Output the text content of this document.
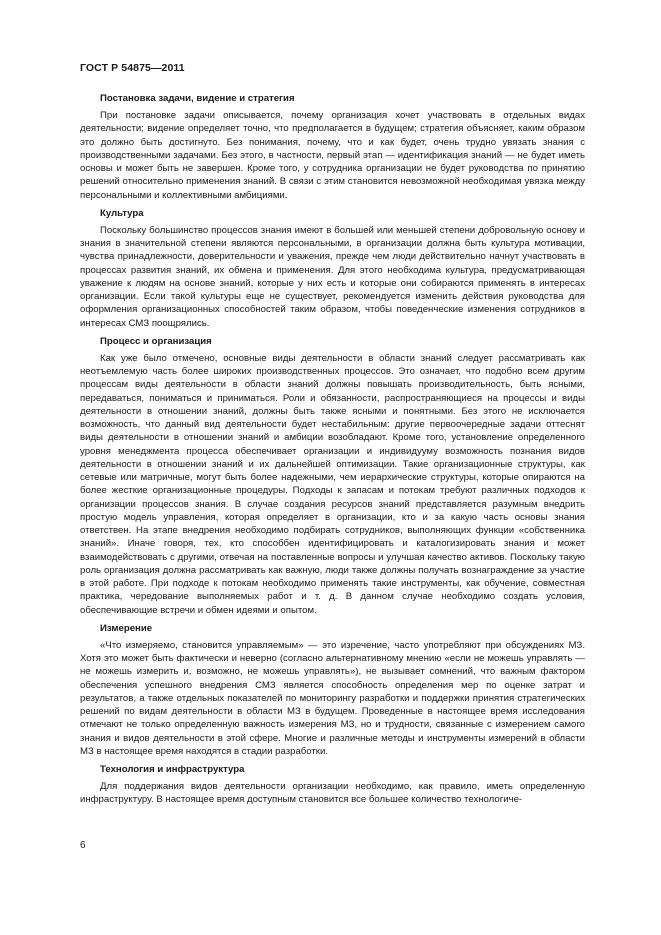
ГОСТ Р 54875—2011
Постановка задачи, видение и стратегия

При постановке задачи описывается, почему организация хочет участвовать в отдельных видах деятельности; видение определяет точно, что предполагается в будущем; стратегия объясняет, каким образом это должно быть достигнуто. Без понимания, почему, что и как будет, очень трудно увязать знания с производственными задачами. Без этого, в частности, первый этап — идентификация знаний — не будет иметь основы и может быть не завершен. Кроме того, у сотрудника организации не будет руководства по принятию решений относительно применения знаний. В связи с этим становится невозможной необходимая увязка между персональными и коллективными амбициями.

Культура

Поскольку большинство процессов знания имеют в большей или меньшей степени добровольную основу и знания в значительной степени являются персональными, в организации должна быть культура мотивации, чувства принадлежности, доверительности и уважения, прежде чем люди действительно начнут участвовать в процессах развития знаний, их обмена и применения. Для этого необходима культура, предусматривающая уважение к людям на основе знаний, которые у них есть и которые они собираются применять в интересах организации. Если такой культуры еще не существует, рекомендуется изменить действия руководства для оформления организационных способностей таким образом, чтобы поведенческие изменения сотрудников в интересах СМЗ поощрялись.

Процесс и организация

Как уже было отмечено, основные виды деятельности в области знаний следует рассматривать как неотъемлемую часть более широких производственных процессов. Это означает, что подобно всем другим процессам виды деятельности в области знаний должны повышать производительность, быть ясными, передаваться, пониматься и приниматься. Роли и обязанности, распространяющиеся на процессы и виды деятельности в отношении знаний, должны быть также ясными и понятными. Без этого не исключается возможность, что данный вид деятельности будет нестабильным: другие первоочередные задачи оттеснят виды деятельности в отношении знаний и амбиции возобладают. Кроме того, установление определенного уровня менеджмента процесса обеспечивает организации и индивидууму возможность познания видов деятельности в отношении знаний и их дальнейшей оптимизации. Такие организационные структуры, как сетевые или матричные, могут быть более надежными, чем иерархические структуры, которые опираются на более жесткие организационные процедуры. Подходы к запасам и потокам требуют различных подходов к организации процессов знания. В случае создания ресурсов знаний представляется разумным внедрить простую модель управления, которая определяет в организации, кто и за какую часть основы знания ответствен. На этапе внедрения необходимо подбирать сотрудников, выполняющих функции «собственника знаний». Иначе говоря, тех, кто способбен идентифицировать и каталогизировать знания и может взаимодействовать с другими, отвечая на поставленные вопросы и улучшая качество активов. Поскольку такую роль организация должна рассматривать как важную, люди также должны получать вознаграждение за участие в этой работе. При подходе к потокам необходимо применять такие инструменты, как обучение, совместная практика, чередование выполняемых работ и т. д. В данном случае необходимо создать условия, обеспечивающие встречи и обмен идеями и опытом.

Измерение

«Что измеряемо, становится управляемым» — это изречение, часто употребляют при обсуждениях МЗ. Хотя это может быть фактически и неверно (согласно альтернативному мнению «если не можешь управлять — не можешь измерить и, возможно, не можешь управлять»), не вызывает сомнений, что важным фактором обеспечения успешного внедрения СМЗ является способность определения мер по оценке затрат и результатов, а также отдельных показателей по мониторингу разработки и поддержки принятия стратегических решений по видам деятельности в области МЗ в будущем. Проведенные в настоящее время исследования отмечают не только определенную важность измерения МЗ, но и трудности, связанные с измерением самого знания и видов деятельности в этой сфере. Многие и различные методы и инструменты измерений в области МЗ в настоящее время находятся в стадии разработки.

Технология и инфраструктура

Для поддержания видов деятельности организации необходимо, как правило, иметь определенную инфраструктуру. В настоящее время доступным становится все большее количество технологиче-

6
